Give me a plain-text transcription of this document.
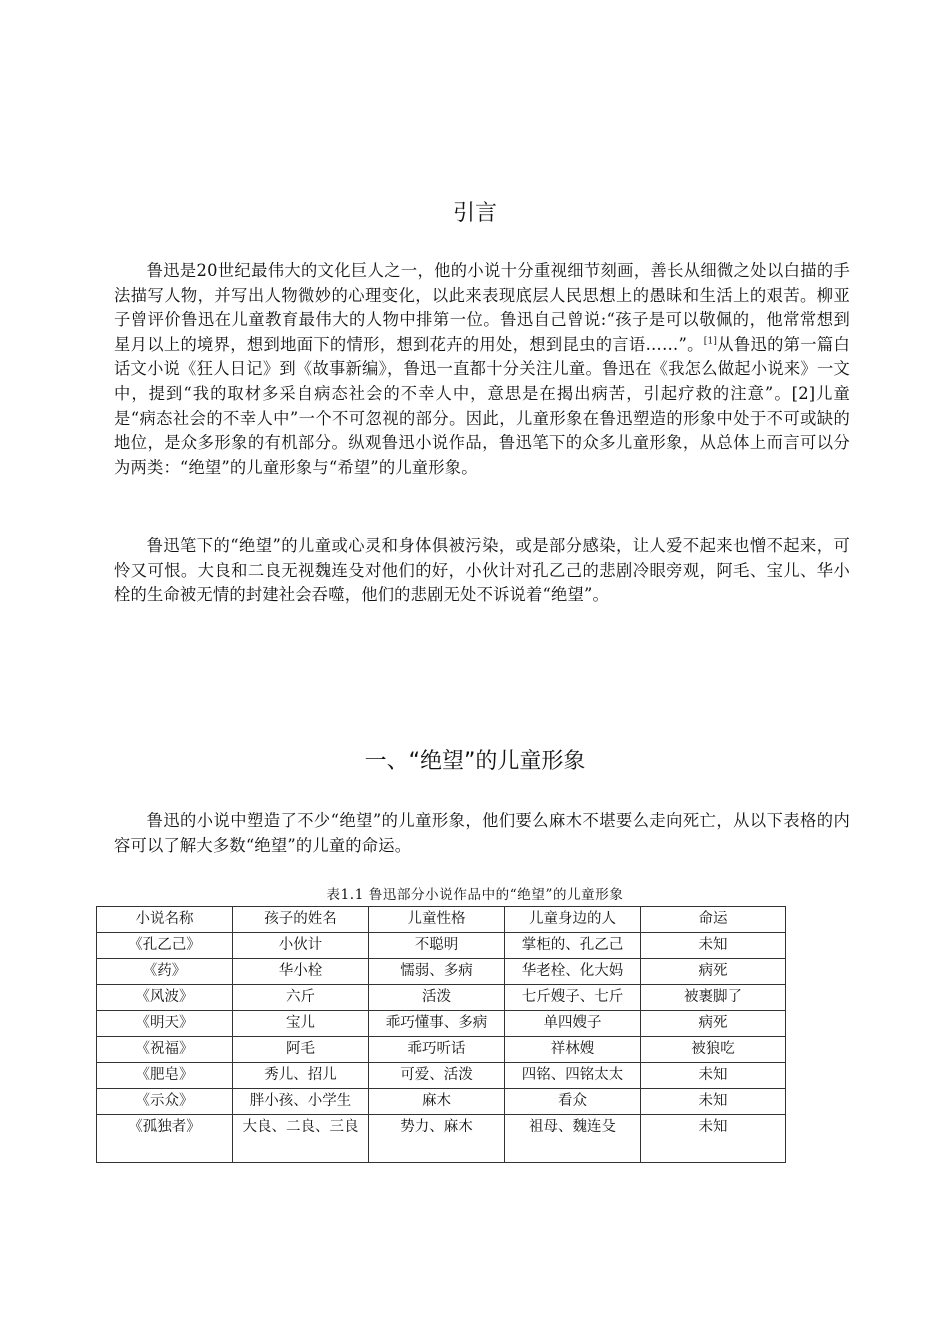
引言

鲁迅是20世纪最伟大的文化巨人之一，他的小说十分重视细节刻画，善长从细微之处以白描的手法描写人物，并写出人物微妙的心理变化，以此来表现底层人民思想上的愚昧和生活上的艰苦。柳亚子曾评价鲁迅在儿童教育最伟大的人物中排第一位。鲁迅自己曾说:“孩子是可以敬佩的，他常常想到星月以上的境界，想到地面下的情形，想到花卉的用处，想到昆虫的言语……”。[1]从鲁迅的第一篇白话文小说《狂人日记》到《故事新编》，鲁迅一直都十分关注儿童。鲁迅在《我怎么做起小说来》一文中，提到“我的取材多采自病态社会的不幸人中，意思是在揭出病苦，引起疗救的注意”。[2]儿童是“病态社会的不幸人中”一个不可忽视的部分。因此，儿童形象在鲁迅塑造的形象中处于不可或缺的地位，是众多形象的有机部分。纵观鲁迅小说作品，鲁迅笔下的众多儿童形象，从总体上而言可以分为两类：“绝望”的儿童形象与“希望”的儿童形象。

鲁迅笔下的“绝望”的儿童或心灵和身体俱被污染，或是部分感染，让人爱不起来也憎不起来，可怜又可恨。大良和二良无视魏连殳对他们的好，小伙计对孔乙己的悲剧冷眼旁观，阿毛、宝儿、华小栓的生命被无情的封建社会吞噬，他们的悲剧无处不诉说着“绝望”。

一、“绝望”的儿童形象

鲁迅的小说中塑造了不少“绝望”的儿童形象，他们要么麻木不堪要么走向死亡，从以下表格的内容可以了解大多数“绝望”的儿童的命运。

表1.1 鲁迅部分小说作品中的“绝望”的儿童形象
小说名称	孩子的姓名	儿童性格	儿童身边的人	命运
《孔乙己》	小伙计	不聪明	掌柜的、孔乙己	未知
《药》	华小栓	懦弱、多病	华老栓、化大妈	病死
《风波》	六斤	活泼	七斤嫂子、七斤	被裹脚了
《明天》	宝儿	乖巧懂事、多病	单四嫂子	病死
《祝福》	阿毛	乖巧听话	祥林嫂	被狼吃
《肥皂》	秀儿、招儿	可爱、活泼	四铭、四铭太太	未知
《示众》	胖小孩、小学生	麻木	看众	未知
《孤独者》	大良、二良、三良	势力、麻木	祖母、魏连殳	未知
